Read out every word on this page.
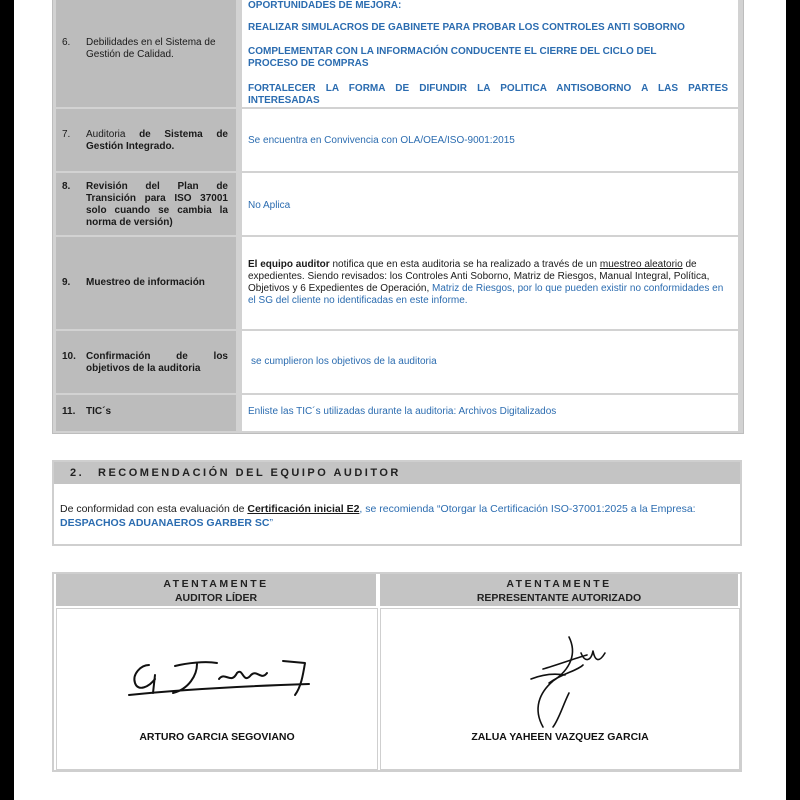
6. Debilidades en el Sistema de Gestión de Calidad.
OPORTUNIDADES DE MEJORA:
REALIZAR SIMULACROS DE GABINETE PARA PROBAR LOS CONTROLES ANTI SOBORNO
COMPLEMENTAR CON LA INFORMACIÓN CONDUCENTE EL CIERRE DEL CICLO DEL PROCESO DE COMPRAS
FORTALECER LA FORMA DE DIFUNDIR LA POLITICA ANTISOBORNO A LAS PARTES INTERESADAS
7. Auditoria de Sistema de Gestión Integrado.
Se encuentra en Convivencia con OLA/OEA/ISO-9001:2015
8. Revisión del Plan de Transición para ISO 37001 solo cuando se cambia la norma de versión)
No Aplica
9. Muestreo de información
El equipo auditor notifica que en esta auditoria se ha realizado a través de un muestreo aleatorio de expedientes. Siendo revisados: los Controles Anti Soborno, Matriz de Riesgos, Manual Integral, Política, Objetivos y 6 Expedientes de Operación, Matriz de Riesgos, por lo que pueden existir no conformidades en el SG del cliente no identificadas en este informe.
10. Confirmación de los objetivos de la auditoria
se cumplieron los objetivos de la auditoria
11. TIC´s	Enliste las TIC´s utilizadas durante la auditoria: Archivos Digitalizados
2. RECOMENDACIÓN DEL EQUIPO AUDITOR
De conformidad con esta evaluación de Certificación inicial E2, se recomienda “Otorgar la Certificación ISO-37001:2025 a la Empresa: DESPACHOS ADUANAEROS GARBER SC”
ATENTAMENTE
AUDITOR LÍDER
ATENTAMENTE
REPRESENTANTE AUTORIZADO
ARTURO GARCIA SEGOVIANO	ZALUA YAHEEN VAZQUEZ GARCIA
